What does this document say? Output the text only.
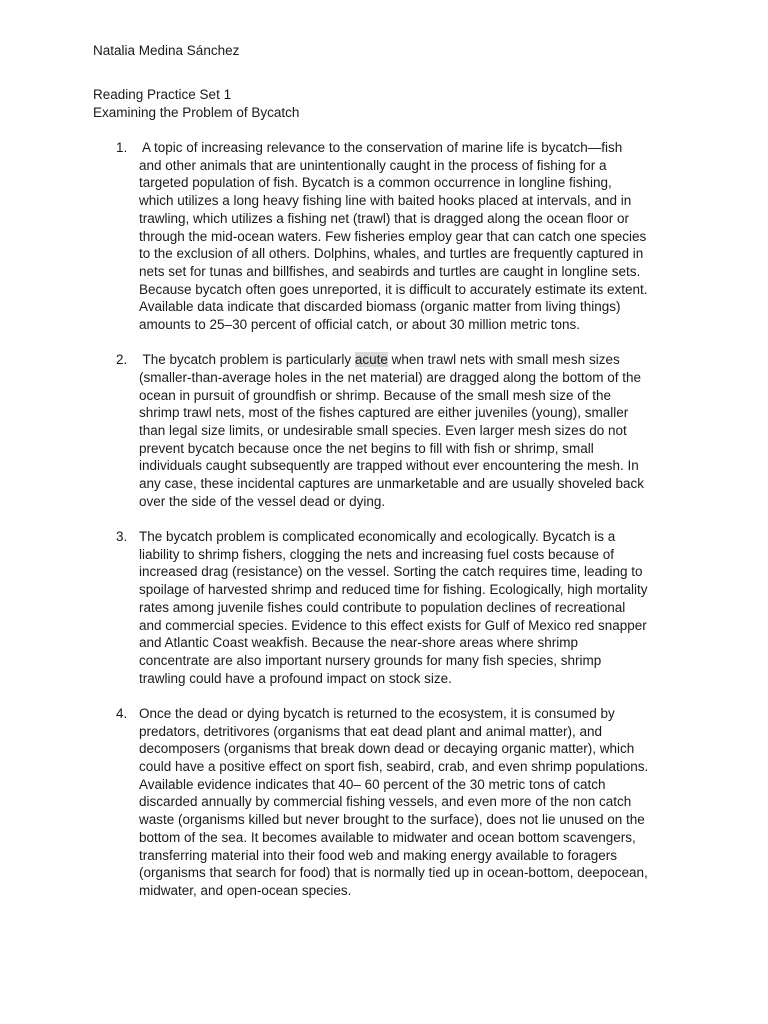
Natalia Medina Sánchez
Reading Practice Set 1
Examining the Problem of Bycatch
1. A topic of increasing relevance to the conservation of marine life is bycatch—fish
and other animals that are unintentionally caught in the process of fishing for a
targeted population of fish. Bycatch is a common occurrence in longline fishing,
which utilizes a long heavy fishing line with baited hooks placed at intervals, and in
trawling, which utilizes a fishing net (trawl) that is dragged along the ocean floor or
through the mid-ocean waters. Few fisheries employ gear that can catch one species
to the exclusion of all others. Dolphins, whales, and turtles are frequently captured in
nets set for tunas and billfishes, and seabirds and turtles are caught in longline sets.
Because bycatch often goes unreported, it is difficult to accurately estimate its extent.
Available data indicate that discarded biomass (organic matter from living things)
amounts to 25–30 percent of official catch, or about 30 million metric tons.
2. The bycatch problem is particularly acute when trawl nets with small mesh sizes
(smaller-than-average holes in the net material) are dragged along the bottom of the
ocean in pursuit of groundfish or shrimp. Because of the small mesh size of the
shrimp trawl nets, most of the fishes captured are either juveniles (young), smaller
than legal size limits, or undesirable small species. Even larger mesh sizes do not
prevent bycatch because once the net begins to fill with fish or shrimp, small
individuals caught subsequently are trapped without ever encountering the mesh. In
any case, these incidental captures are unmarketable and are usually shoveled back
over the side of the vessel dead or dying.
3. The bycatch problem is complicated economically and ecologically. Bycatch is a
liability to shrimp fishers, clogging the nets and increasing fuel costs because of
increased drag (resistance) on the vessel. Sorting the catch requires time, leading to
spoilage of harvested shrimp and reduced time for fishing. Ecologically, high mortality
rates among juvenile fishes could contribute to population declines of recreational
and commercial species. Evidence to this effect exists for Gulf of Mexico red snapper
and Atlantic Coast weakfish. Because the near-shore areas where shrimp
concentrate are also important nursery grounds for many fish species, shrimp
trawling could have a profound impact on stock size.
4. Once the dead or dying bycatch is returned to the ecosystem, it is consumed by
predators, detritivores (organisms that eat dead plant and animal matter), and
decomposers (organisms that break down dead or decaying organic matter), which
could have a positive effect on sport fish, seabird, crab, and even shrimp populations.
Available evidence indicates that 40– 60 percent of the 30 metric tons of catch
discarded annually by commercial fishing vessels, and even more of the non catch
waste (organisms killed but never brought to the surface), does not lie unused on the
bottom of the sea. It becomes available to midwater and ocean bottom scavengers,
transferring material into their food web and making energy available to foragers
(organisms that search for food) that is normally tied up in ocean-bottom, deepocean,
midwater, and open-ocean species.
